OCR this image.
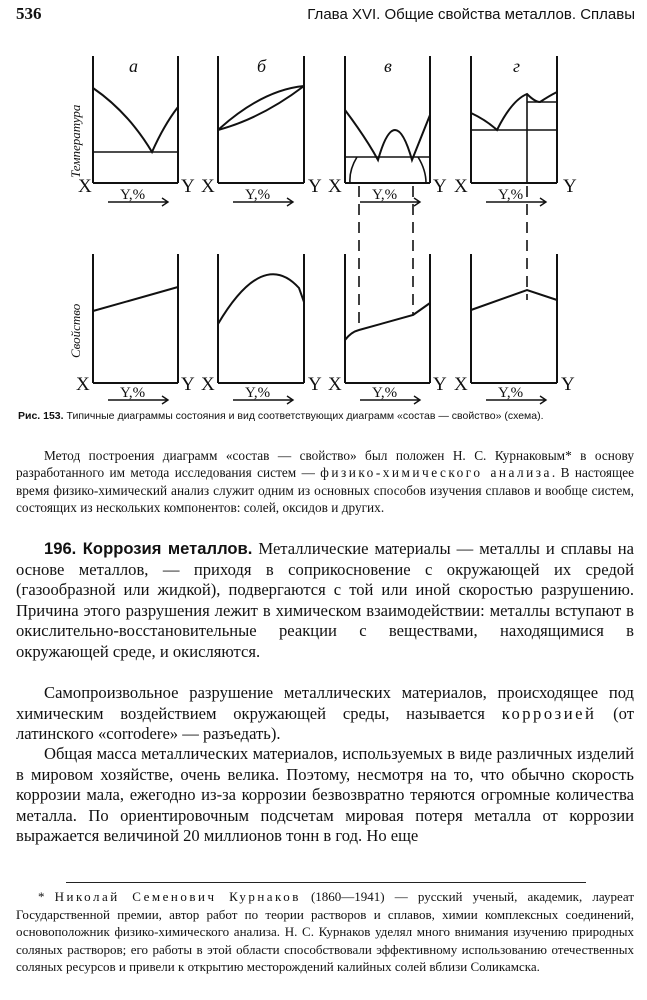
536	Глава XVI. Общие свойства металлов. Сплавы
а	б	в	г
Температура
Свойство
X	Y X	Y X	Y X	Y
X	Y X	Y X	Y X	Y
Y,%	Y,%	Y,%	Y,%
Y,%	Y,%	Y,%	Y,%
Рис. 153. Типичные диаграммы состояния и вид соответствующих диаграмм «состав — свойство» (схема).

Метод построения диаграмм «состав — свойство» был положен Н. С. Курнаковым* в основу разработанного им метода исследования систем — физико-химического анализа. В настоящее время физико-химический анализ служит одним из основных способов изучения сплавов и вообще систем, состоящих из нескольких компонентов: солей, оксидов и других.

196. Коррозия металлов. Металлические материалы — металлы и сплавы на основе металлов, — приходя в соприкосновение с окружающей их средой (газообразной или жидкой), подвергаются с той или иной скоростью разрушению. Причина этого разрушения лежит в химическом взаимодействии: металлы вступают в окислительно-восстановительные реакции с веществами, находящимися в окружающей среде, и окисляются.

Самопроизвольное разрушение металлических материалов, происходящее под химическим воздействием окружающей среды, называется коррозией (от латинского «corrodere» — разъедать).

Общая масса металлических материалов, используемых в виде различных изделий в мировом хозяйстве, очень велика. Поэтому, несмотря на то, что обычно скорость коррозии мала, ежегодно из-за коррозии безвозвратно теряются огромные количества металла. По ориентировочным подсчетам мировая потеря металла от коррозии выражается величиной 20 миллионов тонн в год. Но еще

* Николай Семенович Курнаков (1860—1941) — русский ученый, академик, лауреат Государственной премии, автор работ по теории растворов и сплавов, химии комплексных соединений, основоположник физико-химического анализа. Н. С. Курнаков уделял много внимания изучению природных соляных растворов; его работы в этой области способствовали эффективному использованию отечественных соляных ресурсов и привели к открытию месторождений калийных солей вблизи Соликамска.
